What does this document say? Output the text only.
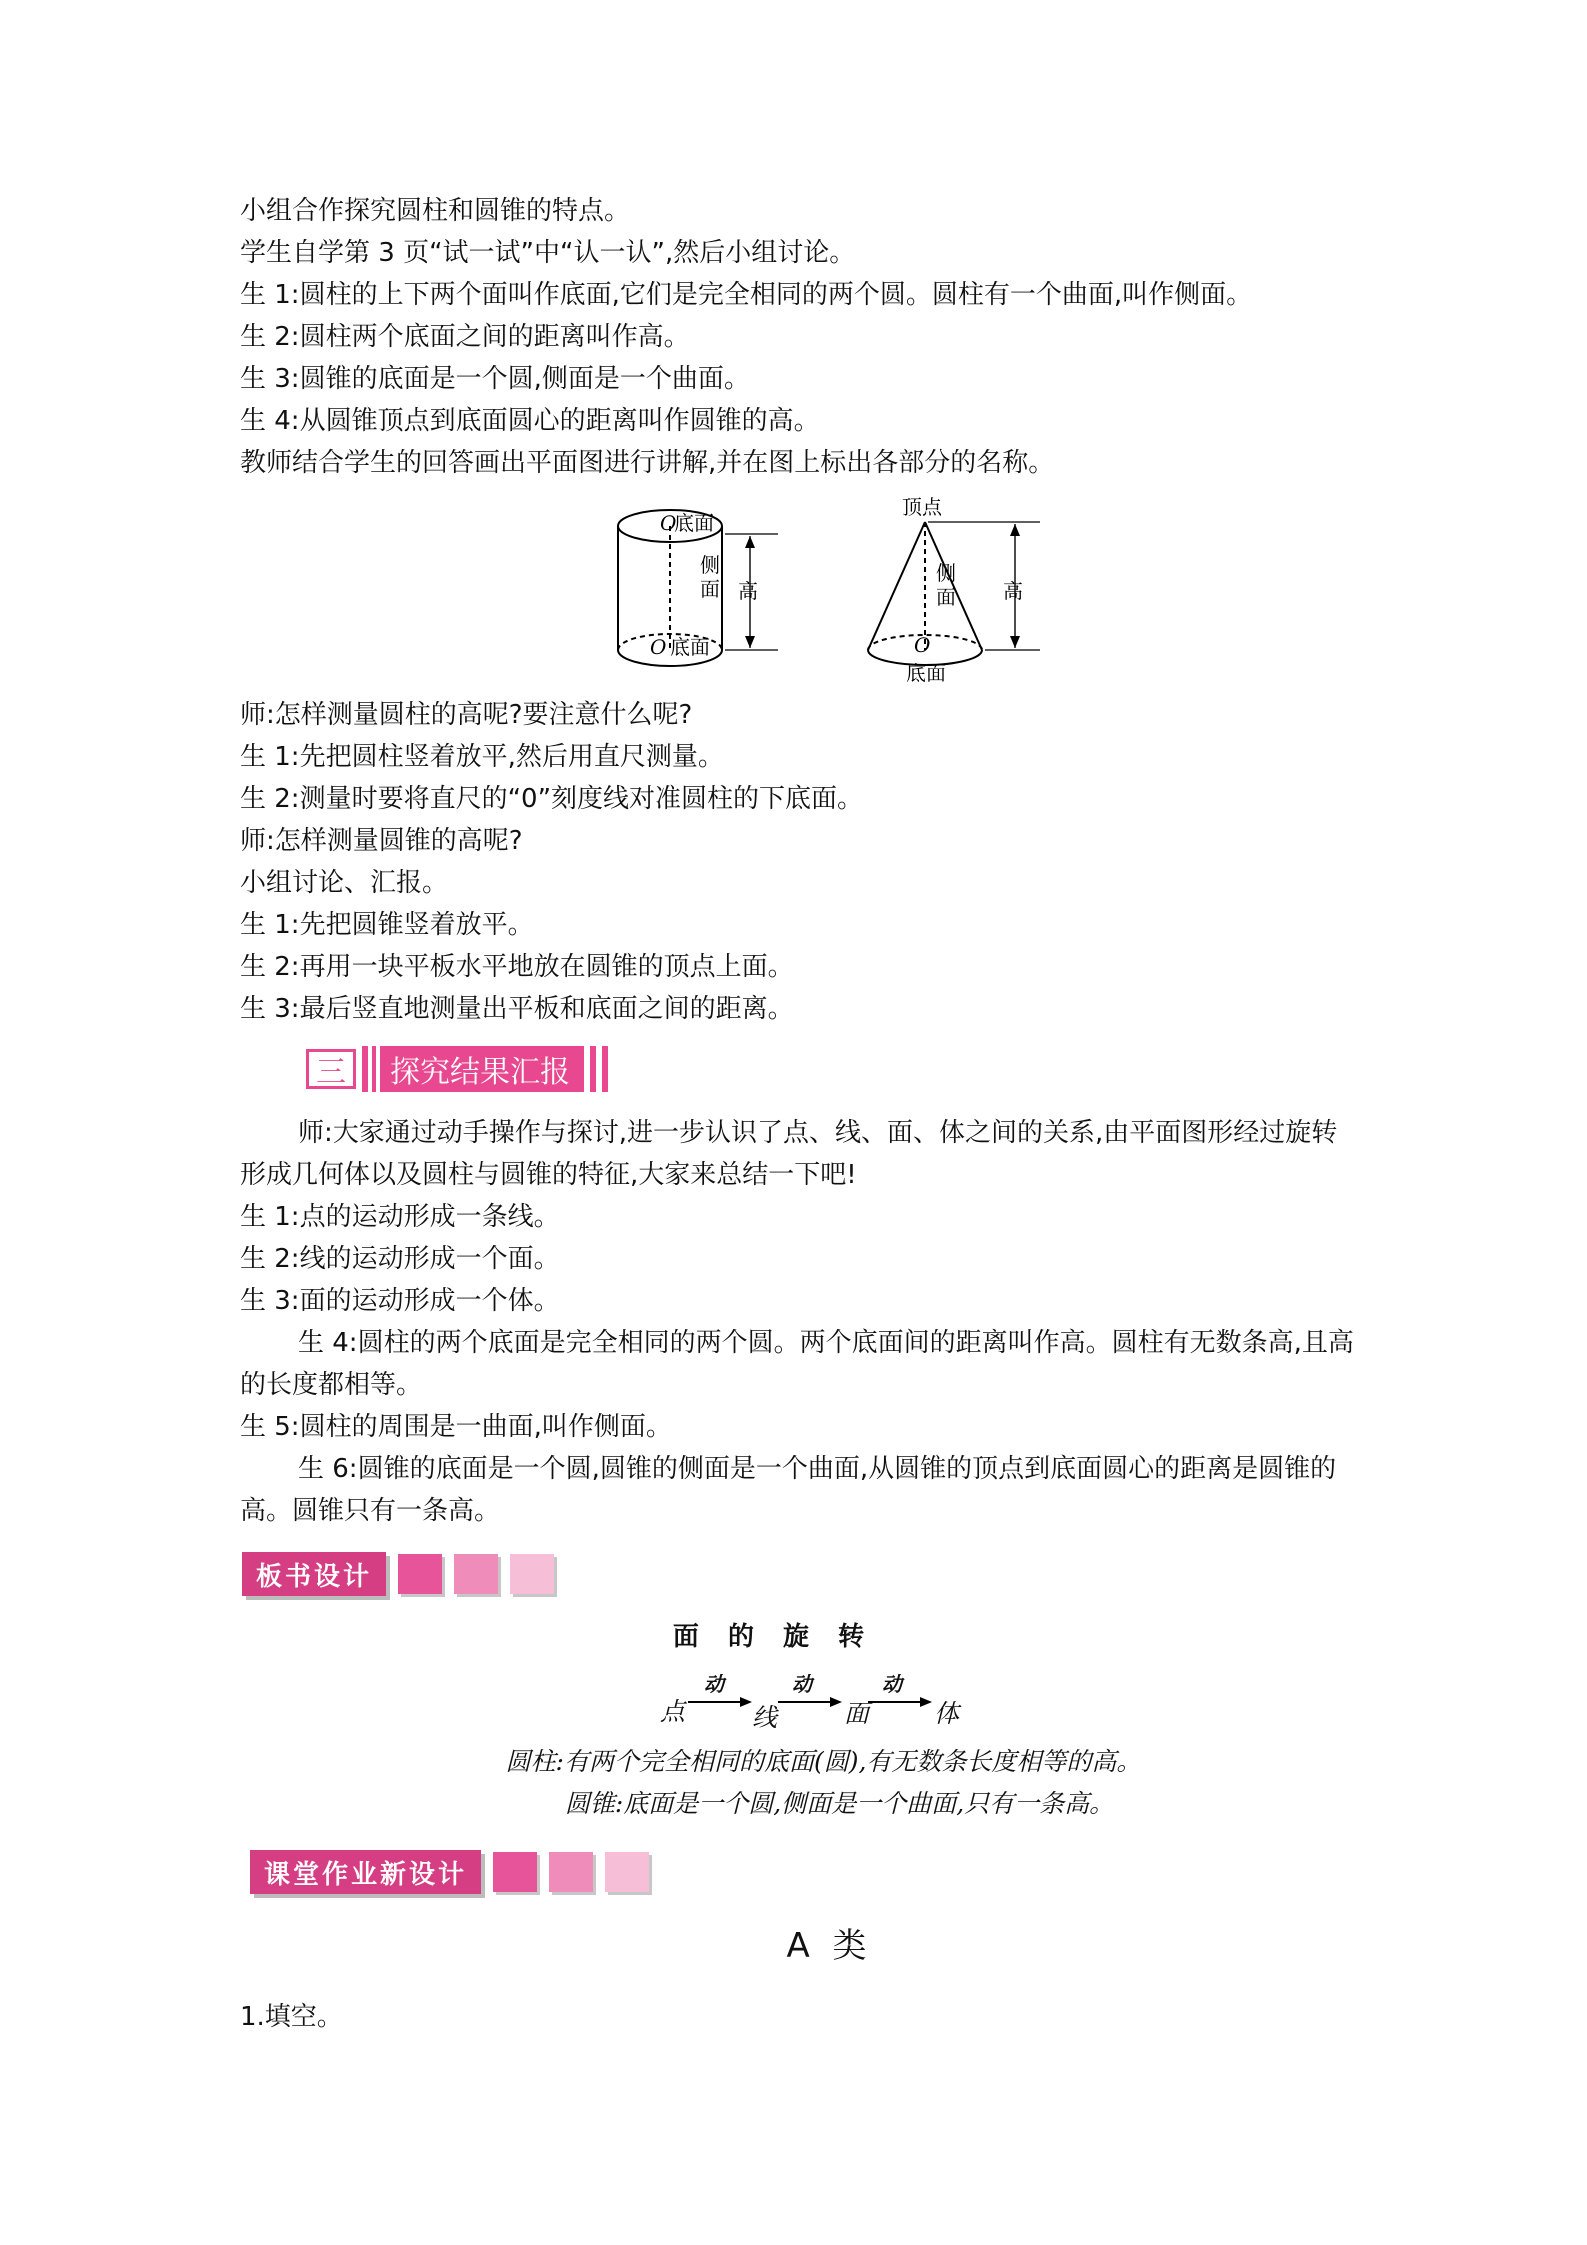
小组合作探究圆柱和圆锥的特点。
学生自学第 3 页“试一试”中“认一认”,然后小组讨论。
生 1:圆柱的上下两个面叫作底面,它们是完全相同的两个圆。圆柱有一个曲面,叫作侧面。
生 2:圆柱两个底面之间的距离叫作高。
生 3:圆锥的底面是一个圆,侧面是一个曲面。
生 4:从圆锥顶点到底面圆心的距离叫作圆锥的高。
教师结合学生的回答画出平面图进行讲解,并在图上标出各部分的名称。
O
底面
侧
面 高
O 底面
顶点
侧
面 高
O
底面
师:怎样测量圆柱的高呢?要注意什么呢?
生 1:先把圆柱竖着放平,然后用直尺测量。
生 2:测量时要将直尺的“0”刻度线对准圆柱的下底面。
师:怎样测量圆锥的高呢?
小组讨论、汇报。
生 1:先把圆锥竖着放平。
生 2:再用一块平板水平地放在圆锥的顶点上面。
生 3:最后竖直地测量出平板和底面之间的距离。
三	探究结果汇报
师:大家通过动手操作与探讨,进一步认识了点、线、面、体之间的关系,由平面图形经过旋转形成几何体以及圆柱与圆锥的特征,大家来总结一下吧!
生 1:点的运动形成一条线。
生 2:线的运动形成一个面。
生 3:面的运动形成一个体。
生 4:圆柱的两个底面是完全相同的两个圆。两个底面间的距离叫作高。圆柱有无数条高,且高的长度都相等。
生 5:圆柱的周围是一曲面,叫作侧面。
生 6:圆锥的底面是一个圆,圆锥的侧面是一个曲面,从圆锥的顶点到底面圆心的距离是圆锥的高。圆锥只有一条高。
板书设计
面 的 旋 转
点
动
线
动
面
动
体
圆柱:有两个完全相同的底面(圆),有无数条长度相等的高。
圆锥:底面是一个圆,侧面是一个曲面,只有一条高。
课堂作业新设计
A 类
1.填空。
